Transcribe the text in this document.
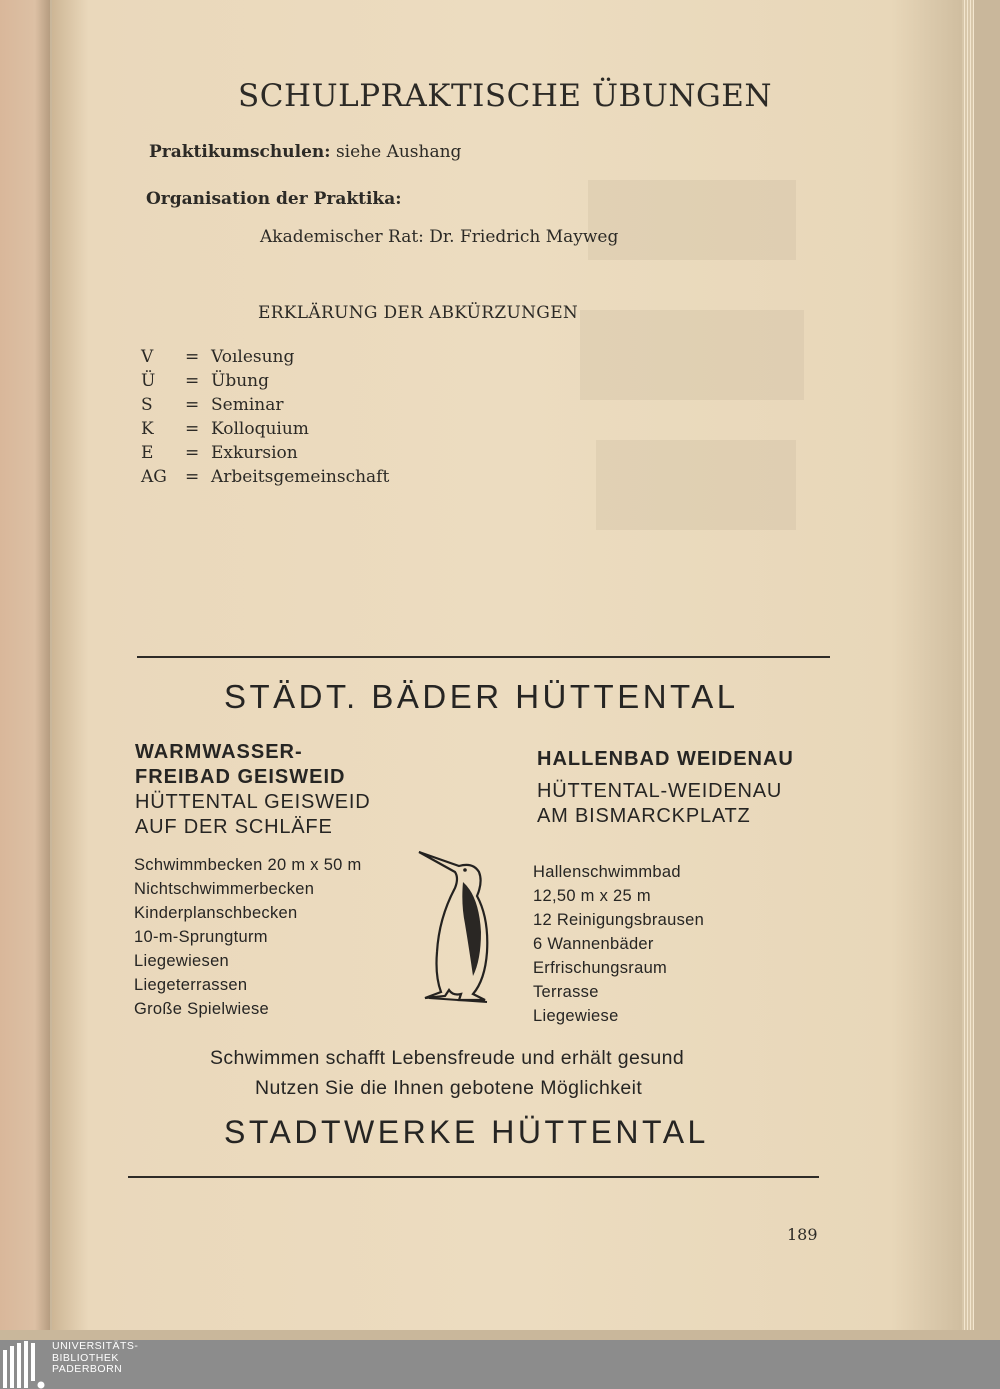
SCHULPRAKTISCHE ÜBUNGEN
Praktikumschulen: siehe Aushang
Organisation der Praktika:
Akademischer Rat: Dr. Friedrich Mayweg
ERKLÄRUNG DER ABKÜRZUNGEN
V	= Voılesung
Ü	= Übung
S	= Seminar
K	= Kolloquium
E	= Exkursion
AG	= Arbeitsgemeinschaft
STÄDT. BÄDER HÜTTENTAL
WARMWASSER-
FREIBAD GEISWEID
HÜTTENTAL GEISWEID
AUF DER SCHLÄFE
HALLENBAD WEIDENAU
HÜTTENTAL-WEIDENAU
AM BISMARCKPLATZ
Schwimmbecken 20 m x 50 m
Nichtschwimmerbecken
Kinderplanschbecken
10-m-Sprungturm
Liegewiesen
Liegeterrassen
Große Spielwiese
Hallenschwimmbad
12,50 m x 25 m
12 Reinigungsbrausen
6 Wannenbäder
Erfrischungsraum
Terrasse
Liegewiese
Schwimmen schafft Lebensfreude und erhält gesund
Nutzen Sie die Ihnen gebotene Möglichkeit
STADTWERKE HÜTTENTAL
189
UNIVERSITÄTS-
BIBLIOTHEK
PADERBORN
